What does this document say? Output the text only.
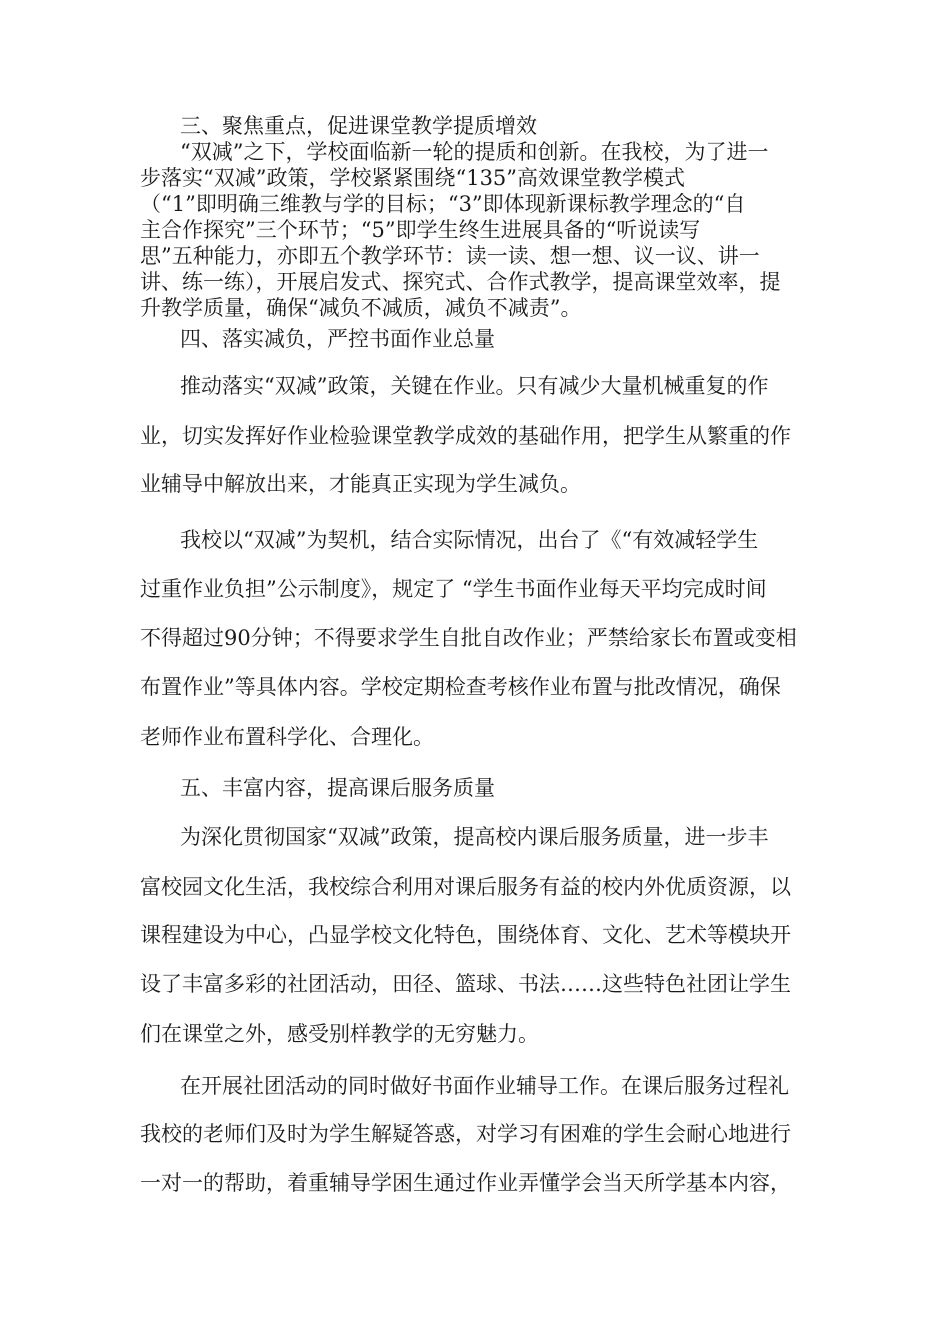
三、聚焦重点，促进课堂教学提质增效
“双减”之下，学校面临新一轮的提质和创新。在我校，为了进一
步落实“双减”政策，学校紧紧围绕“135”高效课堂教学模式
（“1”即明确三维教与学的目标；“3”即体现新课标教学理念的“自
主合作探究”三个环节；“5”即学生终生进展具备的“听说读写
思”五种能力，亦即五个教学环节：读一读、想一想、议一议、讲一
讲、练一练），开展启发式、探究式、合作式教学，提高课堂效率，提
升教学质量，确保“减负不减质，减负不减责”。
四、落实减负，严控书面作业总量
推动落实“双减”政策，关键在作业。只有减少大量机械重复的作
业，切实发挥好作业检验课堂教学成效的基础作用，把学生从繁重的作
业辅导中解放出来，才能真正实现为学生减负。
我校以“双减”为契机，结合实际情况，出台了《“有效减轻学生
过重作业负担”公示制度》，规定了 “学生书面作业每天平均完成时间
不得超过90分钟；不得要求学生自批自改作业；严禁给家长布置或变相
布置作业”等具体内容。学校定期检查考核作业布置与批改情况，确保
老师作业布置科学化、合理化。
五、丰富内容，提高课后服务质量
为深化贯彻国家“双减”政策，提高校内课后服务质量，进一步丰
富校园文化生活，我校综合利用对课后服务有益的校内外优质资源，以
课程建设为中心，凸显学校文化特色，围绕体育、文化、艺术等模块开
设了丰富多彩的社团活动，田径、篮球、书法……这些特色社团让学生
们在课堂之外，感受别样教学的无穷魅力。
在开展社团活动的同时做好书面作业辅导工作。在课后服务过程礼
我校的老师们及时为学生解疑答惑，对学习有困难的学生会耐心地进行
一对一的帮助，着重辅导学困生通过作业弄懂学会当天所学基本内容，
